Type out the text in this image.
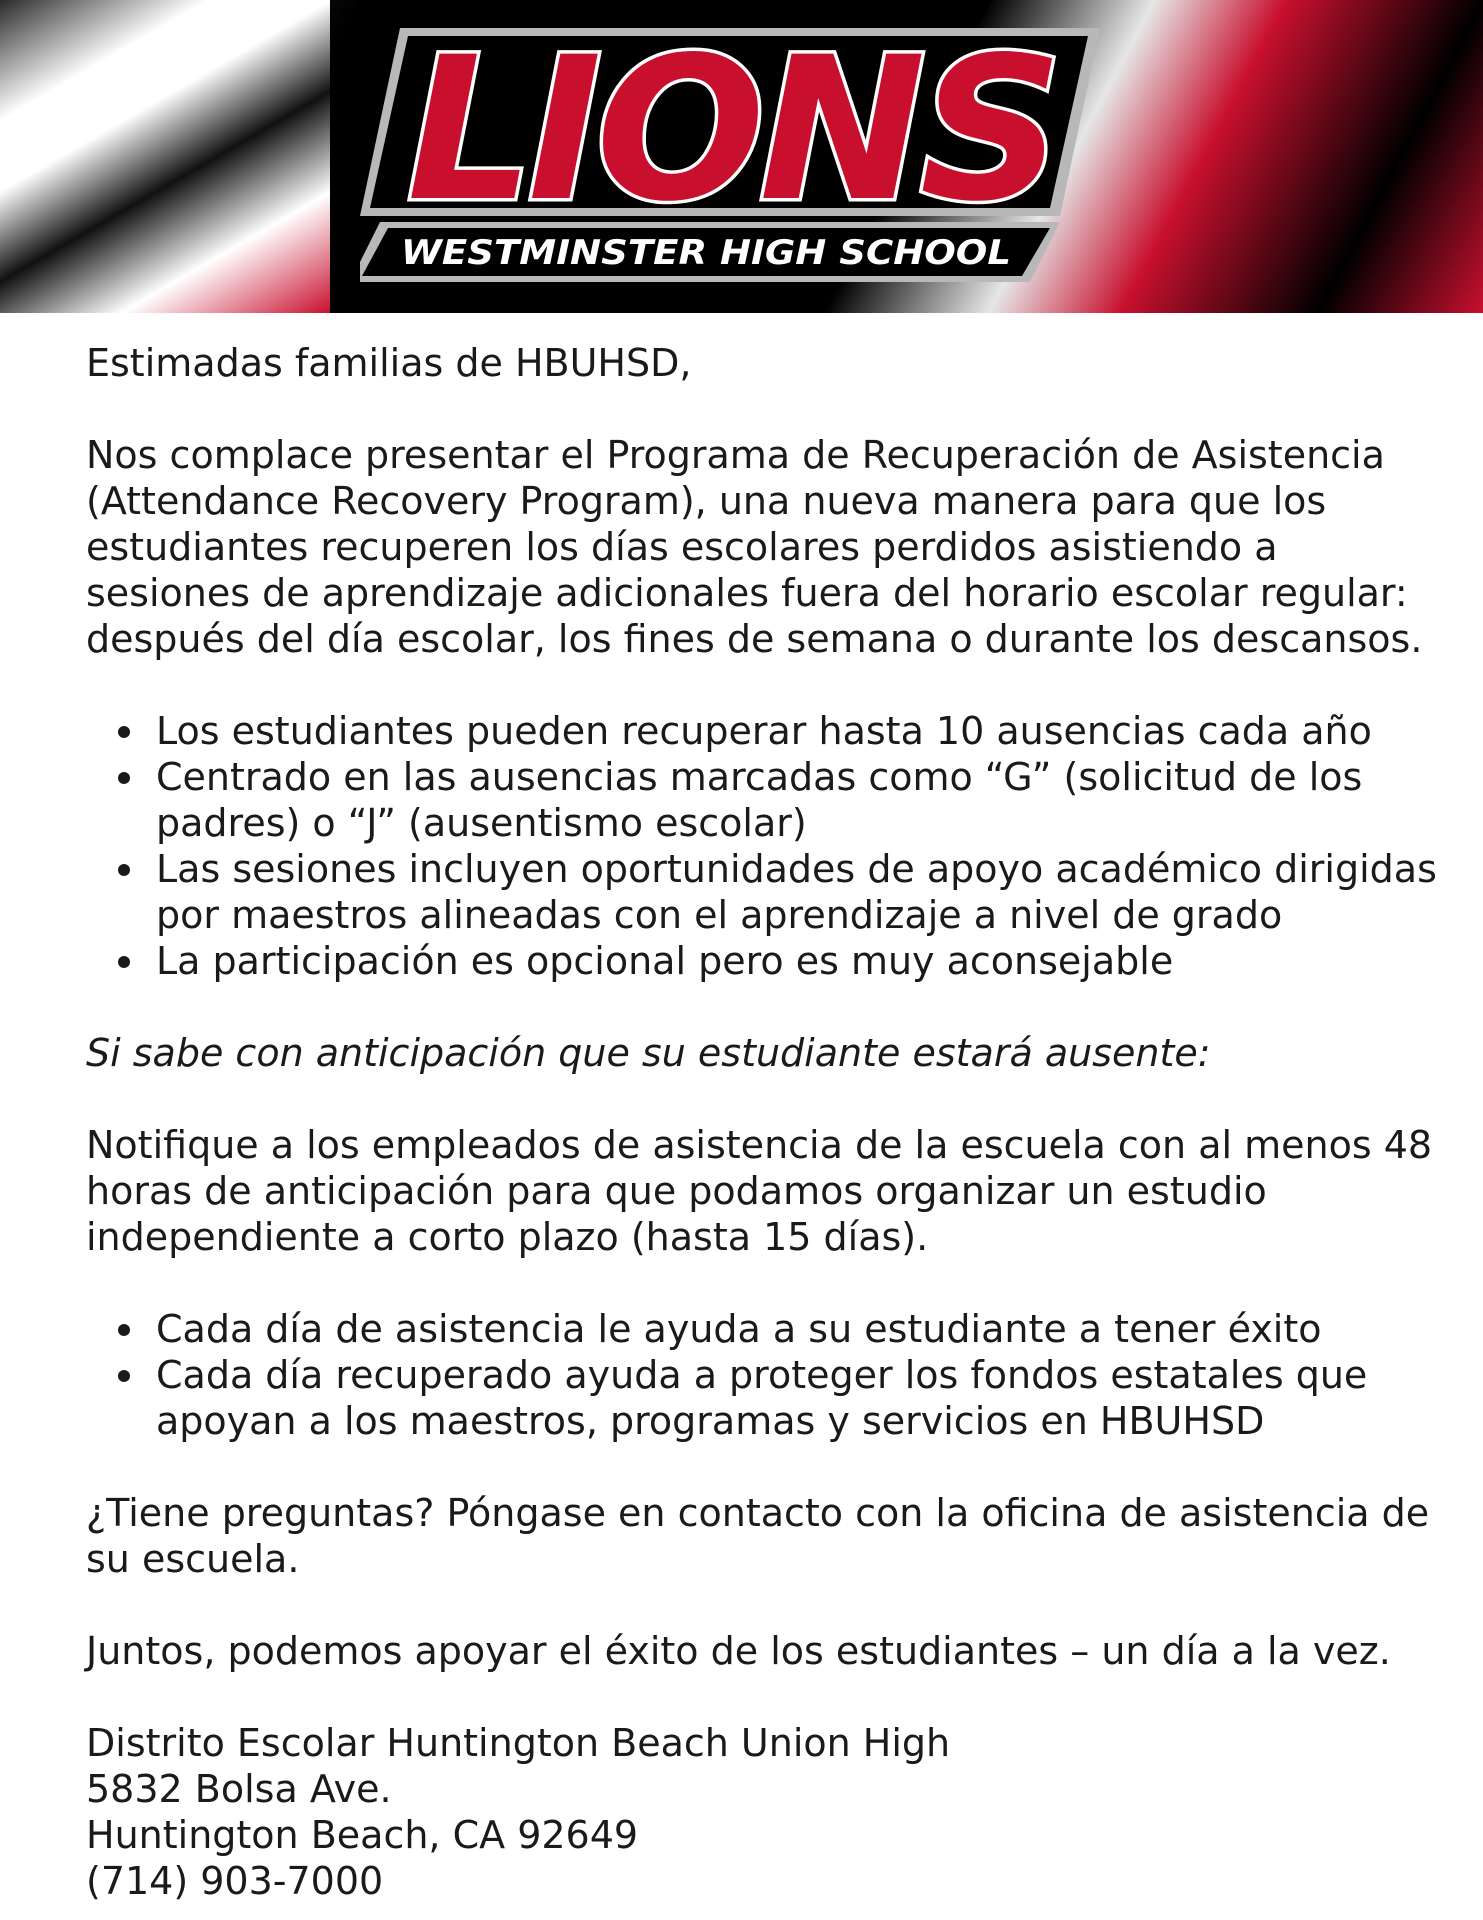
LIONS
WESTMINSTER HIGH SCHOOL

Estimadas familias de HBUHSD,

Nos complace presentar el Programa de Recuperación de Asistencia (Attendance Recovery Program), una nueva manera para que los estudiantes recuperen los días escolares perdidos asistiendo a sesiones de aprendizaje adicionales fuera del horario escolar regular: después del día escolar, los fines de semana o durante los descansos.

Los estudiantes pueden recuperar hasta 10 ausencias cada año
Centrado en las ausencias marcadas como “G” (solicitud de los padres) o “J” (ausentismo escolar)
Las sesiones incluyen oportunidades de apoyo académico dirigidas por maestros alineadas con el aprendizaje a nivel de grado
La participación es opcional pero es muy aconsejable

Si sabe con anticipación que su estudiante estará ausente:

Notifique a los empleados de asistencia de la escuela con al menos 48 horas de anticipación para que podamos organizar un estudio independiente a corto plazo (hasta 15 días).

Cada día de asistencia le ayuda a su estudiante a tener éxito
Cada día recuperado ayuda a proteger los fondos estatales que apoyan a los maestros, programas y servicios en HBUHSD

¿Tiene preguntas? Póngase en contacto con la oficina de asistencia de su escuela.

Juntos, podemos apoyar el éxito de los estudiantes – un día a la vez.

Distrito Escolar Huntington Beach Union High

5832 Bolsa Ave.

Huntington Beach, CA 92649

(714) 903-7000
